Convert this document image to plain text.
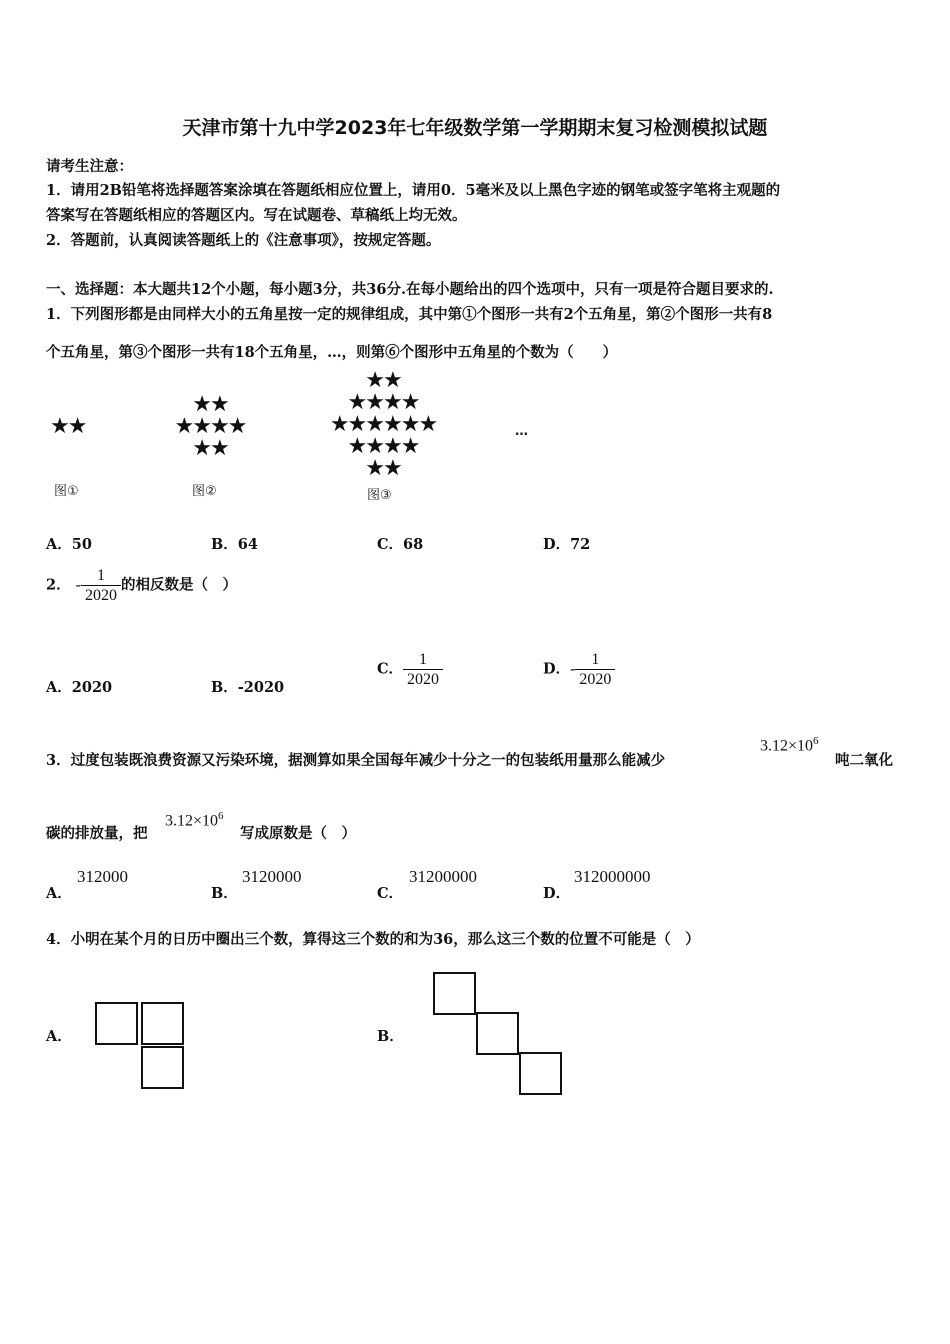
天津市第十九中学2023年七年级数学第一学期期末复习检测模拟试题
请考生注意：
1．请用2B铅笔将选择题答案涂填在答题纸相应位置上，请用0．5毫米及以上黑色字迹的钢笔或签字笔将主观题的
答案写在答题纸相应的答题区内。写在试题卷、草稿纸上均无效。
2．答题前，认真阅读答题纸上的《注意事项》，按规定答题。
一、选择题：本大题共12个小题，每小题3分，共36分.在每小题给出的四个选项中，只有一项是符合题目要求的.
1．下列图形都是由同样大小的五角星按一定的规律组成，其中第①个图形一共有2个五角星，第②个图形一共有8
个五角星，第③个图形一共有18个五角星，…，则第⑥个图形中五角星的个数为（　　）
★★
★★
★★★★
★★
★★
★★★★
★★★★★★
★★★★
★★
…
图①	图②	图③
A．50	B．64	C．68	D．72
2． - $\frac{1}{2020}$ 的相反数是（　）
A．2020	B．-2020
C． $\frac{1}{2020}$	D．- $\frac{1}{2020}$
3．过度包装既浪费资源又污染环境，据测算如果全国每年减少十分之一的包装纸用量那么能减少
$3.12\times 10^6$
吨二氧化
碳的排放量，把
$3.12\times 10^6$
写成原数是（　）
A．
312000
B．
3120000
C．
31200000
D．
312000000
4．小明在某个月的日历中圈出三个数，算得这三个数的和为36，那么这三个数的位置不可能是（　）
A．	B．
